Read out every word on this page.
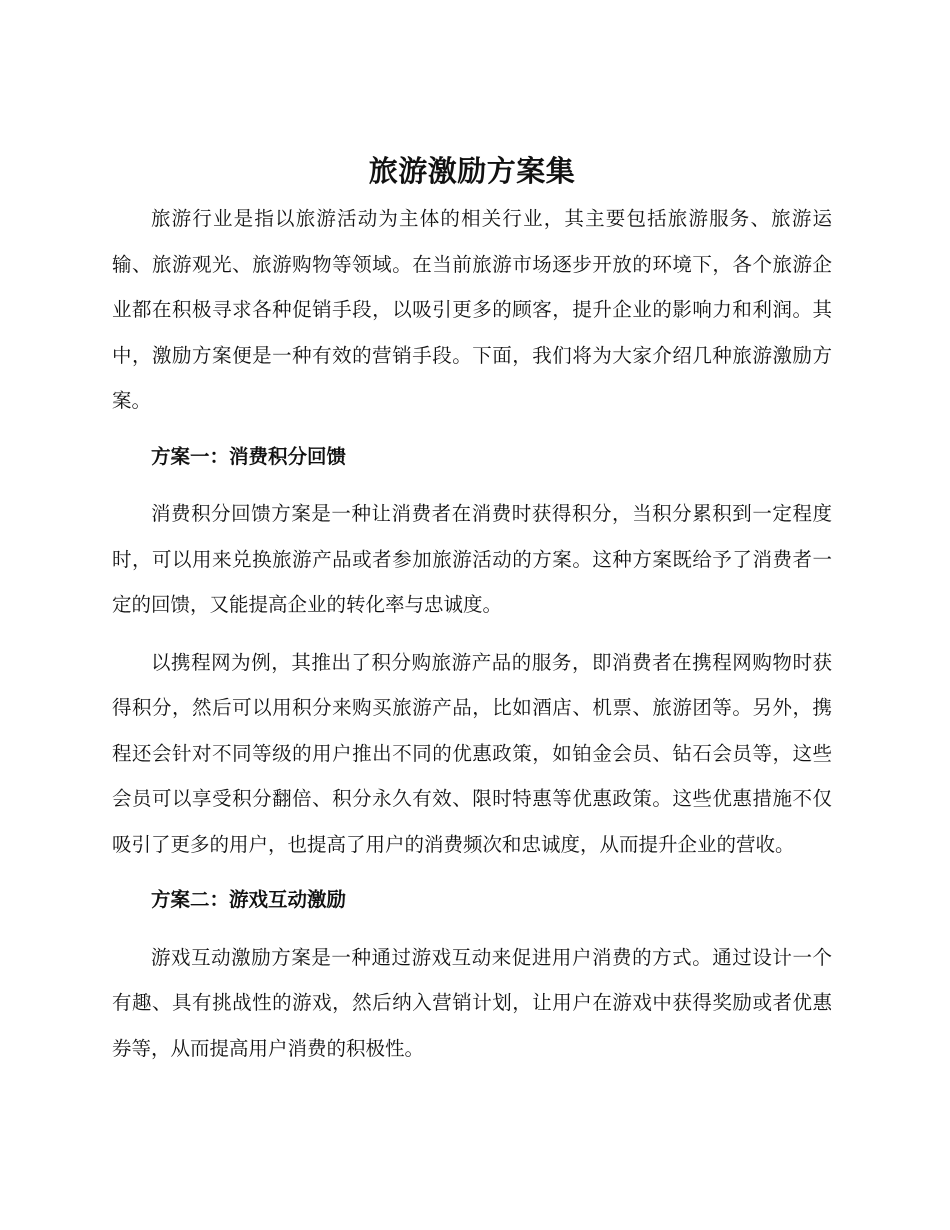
旅游激励方案集

旅游行业是指以旅游活动为主体的相关行业，其主要包括旅游服务、旅游运输、旅游观光、旅游购物等领域。在当前旅游市场逐步开放的环境下，各个旅游企业都在积极寻求各种促销手段，以吸引更多的顾客，提升企业的影响力和利润。其中，激励方案便是一种有效的营销手段。下面，我们将为大家介绍几种旅游激励方案。

方案一：消费积分回馈

消费积分回馈方案是一种让消费者在消费时获得积分，当积分累积到一定程度时，可以用来兑换旅游产品或者参加旅游活动的方案。这种方案既给予了消费者一定的回馈，又能提高企业的转化率与忠诚度。

以携程网为例，其推出了积分购旅游产品的服务，即消费者在携程网购物时获得积分，然后可以用积分来购买旅游产品，比如酒店、机票、旅游团等。另外，携程还会针对不同等级的用户推出不同的优惠政策，如铂金会员、钻石会员等，这些会员可以享受积分翻倍、积分永久有效、限时特惠等优惠政策。这些优惠措施不仅吸引了更多的用户，也提高了用户的消费频次和忠诚度，从而提升企业的营收。

方案二：游戏互动激励

游戏互动激励方案是一种通过游戏互动来促进用户消费的方式。通过设计一个有趣、具有挑战性的游戏，然后纳入营销计划，让用户在游戏中获得奖励或者优惠券等，从而提高用户消费的积极性。
